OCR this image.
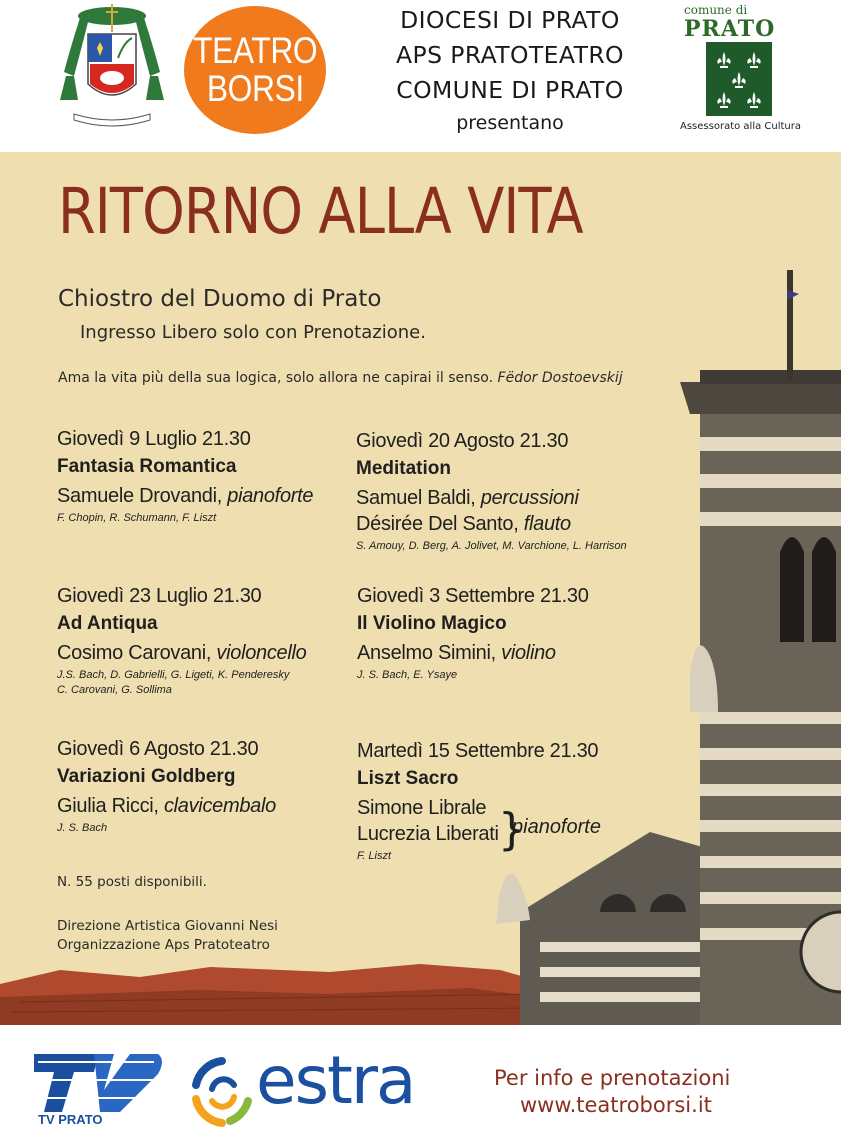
TEATRO
BORSI
DIOCESI DI PRATO
APS PRATOTEATRO
COMUNE DI PRATO
presentano
comune di
PRATO
Assessorato alla Cultura
RITORNO ALLA VITA
Chiostro del Duomo di Prato
Ingresso Libero solo con Prenotazione.
Ama la vita più della sua logica, solo allora ne capirai il senso. Fëdor Dostoevskij
Giovedì 9 Luglio 21.30
Fantasia Romantica
Samuele Drovandi, pianoforte
F. Chopin, R. Schumann, F. Liszt
Giovedì 23 Luglio 21.30
Ad Antiqua
Cosimo Carovani, violoncello
J.S. Bach, D. Gabrielli, G. Ligeti, K. Penderesky
C. Carovani, G. Sollima
Giovedì 6 Agosto 21.30
Variazioni Goldberg
Giulia Ricci, clavicembalo
J. S. Bach
Giovedì 20 Agosto 21.30
Meditation
Samuel Baldi, percussioni
Désirée Del Santo, flauto
S. Amouy, D. Berg, A. Jolivet, M. Varchione, L. Harrison
Giovedì 3 Settembre 21.30
Il Violino Magico
Anselmo Simini, violino
J. S. Bach, E. Ysaye
Martedì 15 Settembre 21.30
Liszt Sacro
Simone Librale
Lucrezia Liberati
F. Liszt
}
pianoforte
N. 55 posti disponibili.
Direzione Artistica Giovanni Nesi
Organizzazione Aps Pratoteatro
TV PRATO
estra	Per info e prenotazioni
www.teatroborsi.it
